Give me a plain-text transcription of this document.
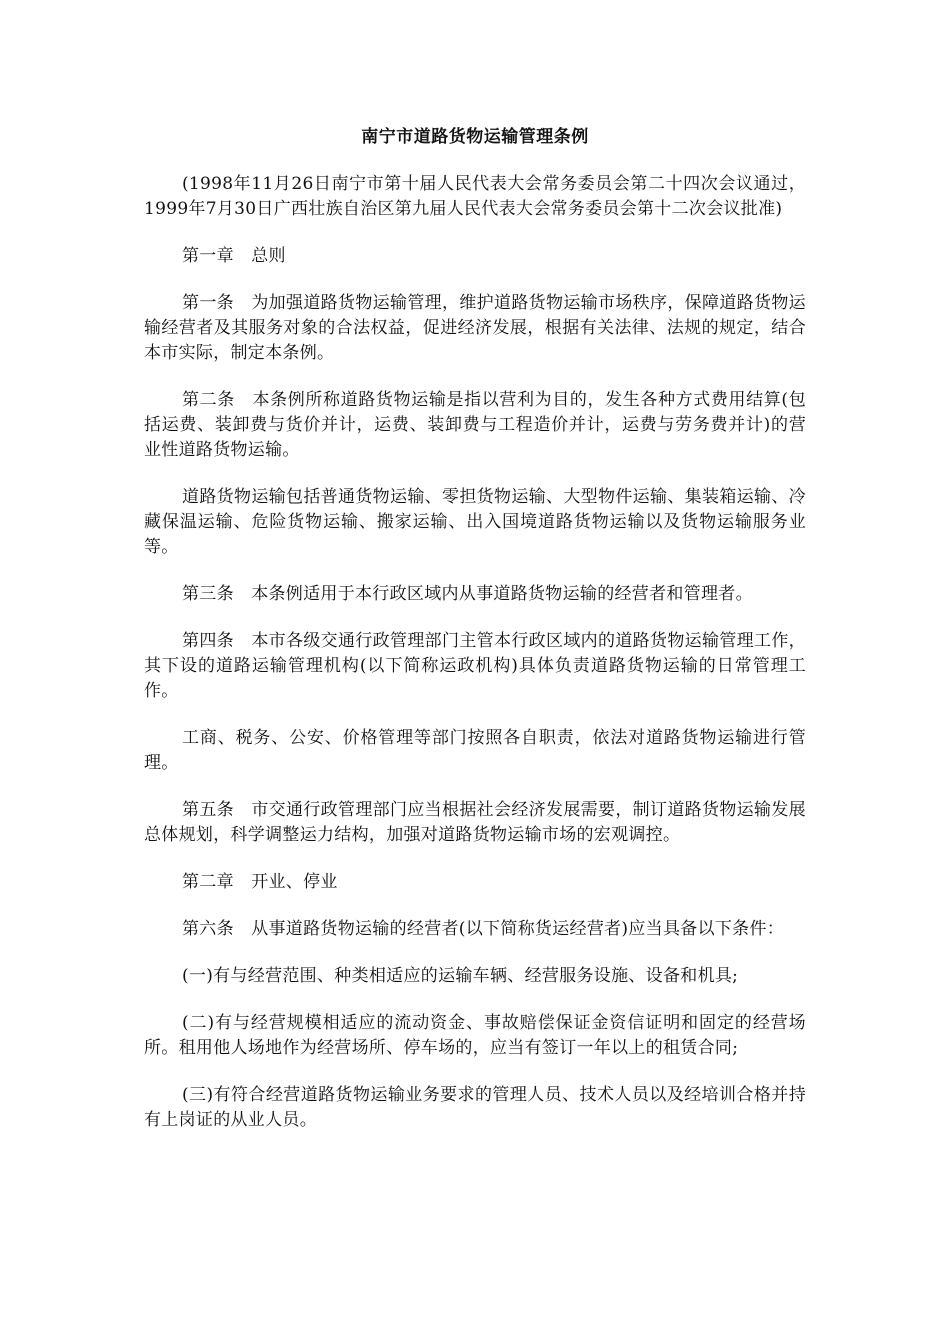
南宁市道路货物运输管理条例

(1998年11月26日南宁市第十届人民代表大会常务委员会第二十四次会议通过，1999年7月30日广西壮族自治区第九届人民代表大会常务委员会第十二次会议批准)

第一章　总则

第一条　为加强道路货物运输管理，维护道路货物运输市场秩序，保障道路货物运输经营者及其服务对象的合法权益，促进经济发展，根据有关法律、法规的规定，结合本市实际，制定本条例。

第二条　本条例所称道路货物运输是指以营利为目的，发生各种方式费用结算(包括运费、装卸费与货价并计，运费、装卸费与工程造价并计，运费与劳务费并计)的营业性道路货物运输。

道路货物运输包括普通货物运输、零担货物运输、大型物件运输、集装箱运输、冷藏保温运输、危险货物运输、搬家运输、出入国境道路货物运输以及货物运输服务业等。

第三条　本条例适用于本行政区域内从事道路货物运输的经营者和管理者。

第四条　本市各级交通行政管理部门主管本行政区域内的道路货物运输管理工作，其下设的道路运输管理机构(以下简称运政机构)具体负责道路货物运输的日常管理工作。

工商、税务、公安、价格管理等部门按照各自职责，依法对道路货物运输进行管理。

第五条　市交通行政管理部门应当根据社会经济发展需要，制订道路货物运输发展总体规划，科学调整运力结构，加强对道路货物运输市场的宏观调控。

第二章　开业、停业

第六条　从事道路货物运输的经营者(以下简称货运经营者)应当具备以下条件：

(一)有与经营范围、种类相适应的运输车辆、经营服务设施、设备和机具;

(二)有与经营规模相适应的流动资金、事故赔偿保证金资信证明和固定的经营场所。租用他人场地作为经营场所、停车场的，应当有签订一年以上的租赁合同;

(三)有符合经营道路货物运输业务要求的管理人员、技术人员以及经培训合格并持有上岗证的从业人员。
